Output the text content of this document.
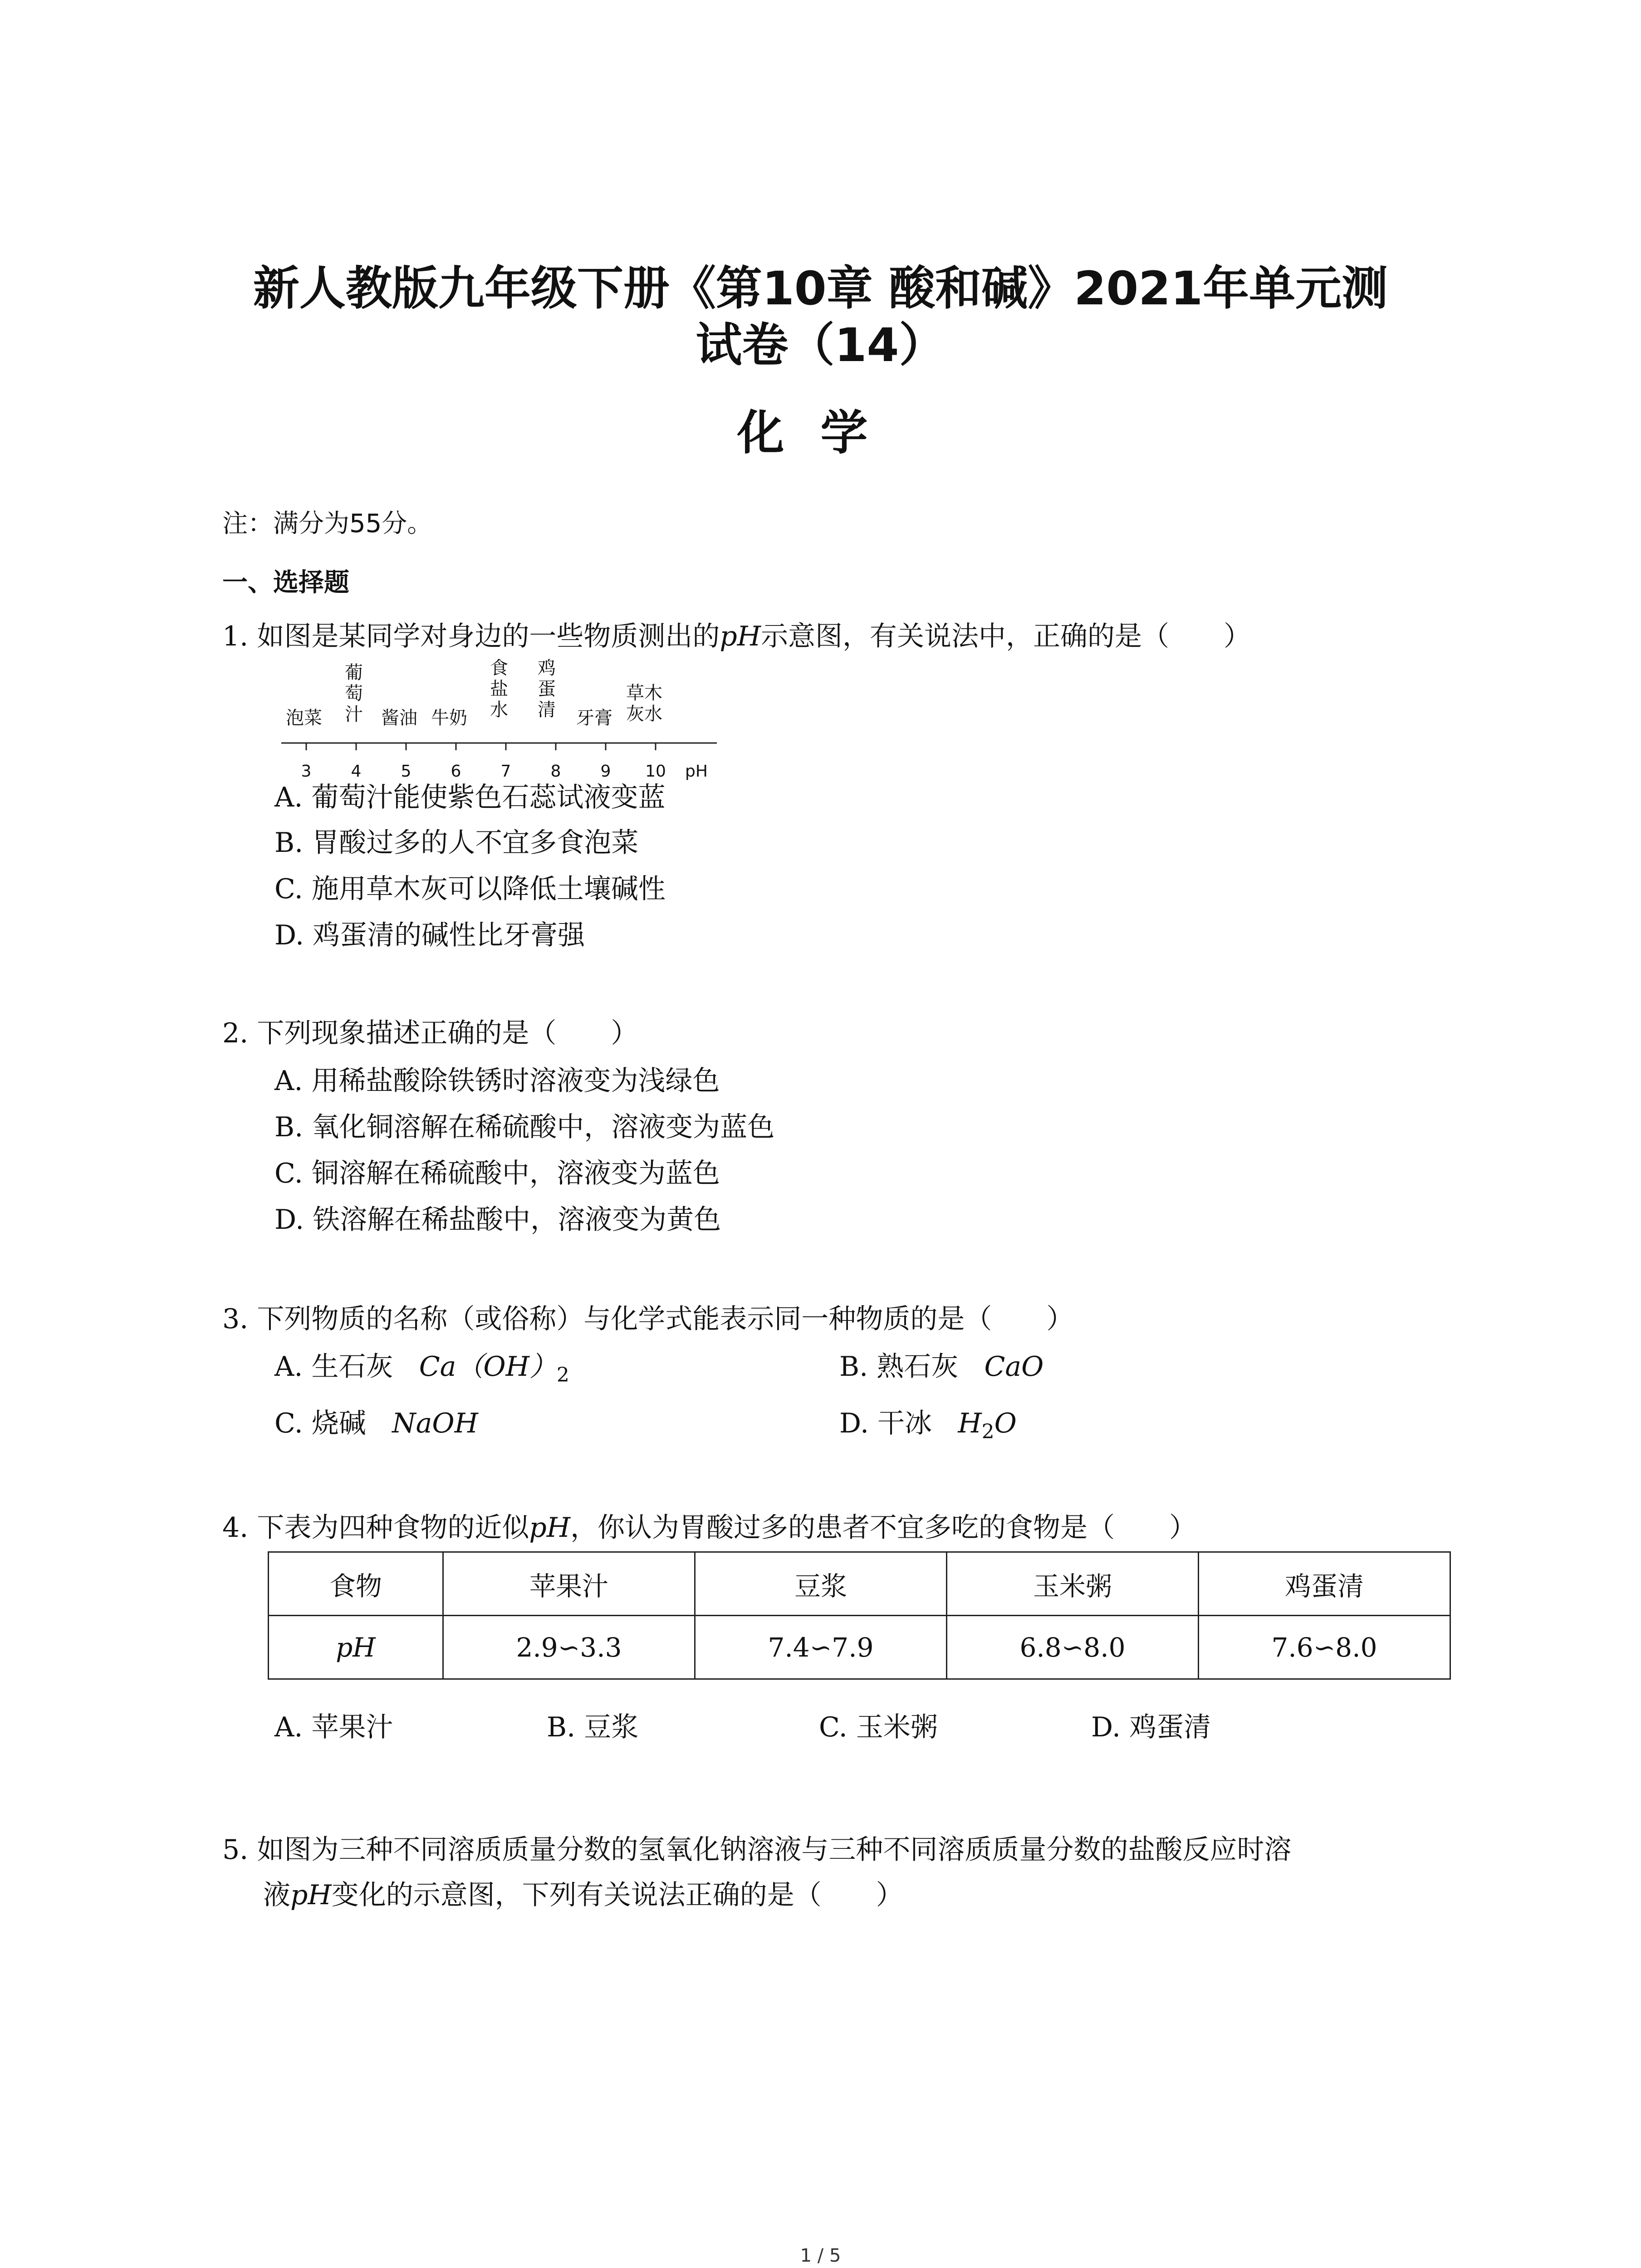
新人教版九年级下册《第10章 酸和碱》2021年单元测
试卷（14）
化学
注：满分为55分。
一、选择题
1. 如图是某同学对身边的一些物质测出的pH示意图，有关说法中，正确的是（　　）
泡菜
葡
萄
汁	酱油 牛奶
食
盐
水
鸡
蛋
清	牙膏
草木
灰水
3	4	5	6	7	8	9	10	pH
A. 葡萄汁能使紫色石蕊试液变蓝
B. 胃酸过多的人不宜多食泡菜
C. 施用草木灰可以降低土壤碱性
D. 鸡蛋清的碱性比牙膏强
2. 下列现象描述正确的是（　　）
A. 用稀盐酸除铁锈时溶液变为浅绿色
B. 氧化铜溶解在稀硫酸中，溶液变为蓝色
C. 铜溶解在稀硫酸中，溶液变为蓝色
D. 铁溶解在稀盐酸中，溶液变为黄色
3. 下列物质的名称（或俗称）与化学式能表示同一种物质的是（　　）
A. 生石灰 $Ca(OH)_2$	B. 熟石灰 CaO
C. 烧碱 NaOH	D. 干冰 $H_2O$
4. 下表为四种食物的近似pH，你认为胃酸过多的患者不宜多吃的食物是（　　）
食物	苹果汁	豆浆	玉米粥	鸡蛋清
pH	2.9∽3.3	7.4∽7.9	6.8∽8.0	7.6∽8.0
A. 苹果汁	B. 豆浆	C. 玉米粥	D. 鸡蛋清
5. 如图为三种不同溶质质量分数的氢氧化钠溶液与三种不同溶质质量分数的盐酸反应时溶
液pH变化的示意图，下列有关说法正确的是（　　）
1 / 5
